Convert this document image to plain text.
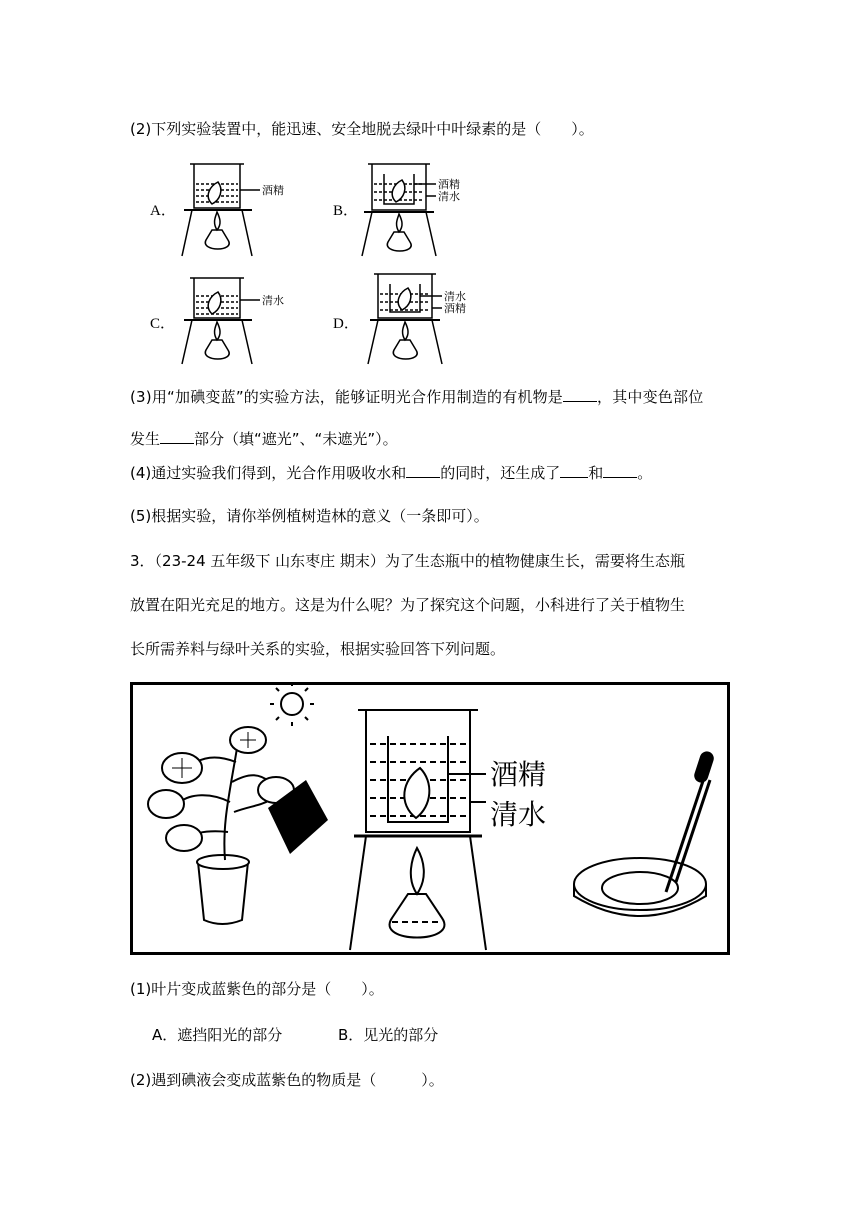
(2)下列实验装置中，能迅速、安全地脱去绿叶中叶绿素的是（　　）。
A．	B．
C．	D．
酒精	酒精
清水
清水	清水
酒精
(3)用“加碘变蓝”的实验方法，能够证明光合作用制造的有机物是 ，其中变色部位
发生 部分（填“遮光”、“未遮光”）。
(4)通过实验我们得到，光合作用吸收水和 的同时，还生成了 和 。
(5)根据实验，请你举例植树造林的意义（一条即可）。
3．（23-24 五年级下 山东枣庄 期末）为了生态瓶中的植物健康生长，需要将生态瓶
放置在阳光充足的地方。这是为什么呢？为了探究这个问题，小科进行了关于植物生
长所需养料与绿叶关系的实验，根据实验回答下列问题。
酒精
清水
(1)叶片变成蓝紫色的部分是（　　）。
A．遮挡阳光的部分	B．见光的部分
(2)遇到碘液会变成蓝紫色的物质是（　　　）。
